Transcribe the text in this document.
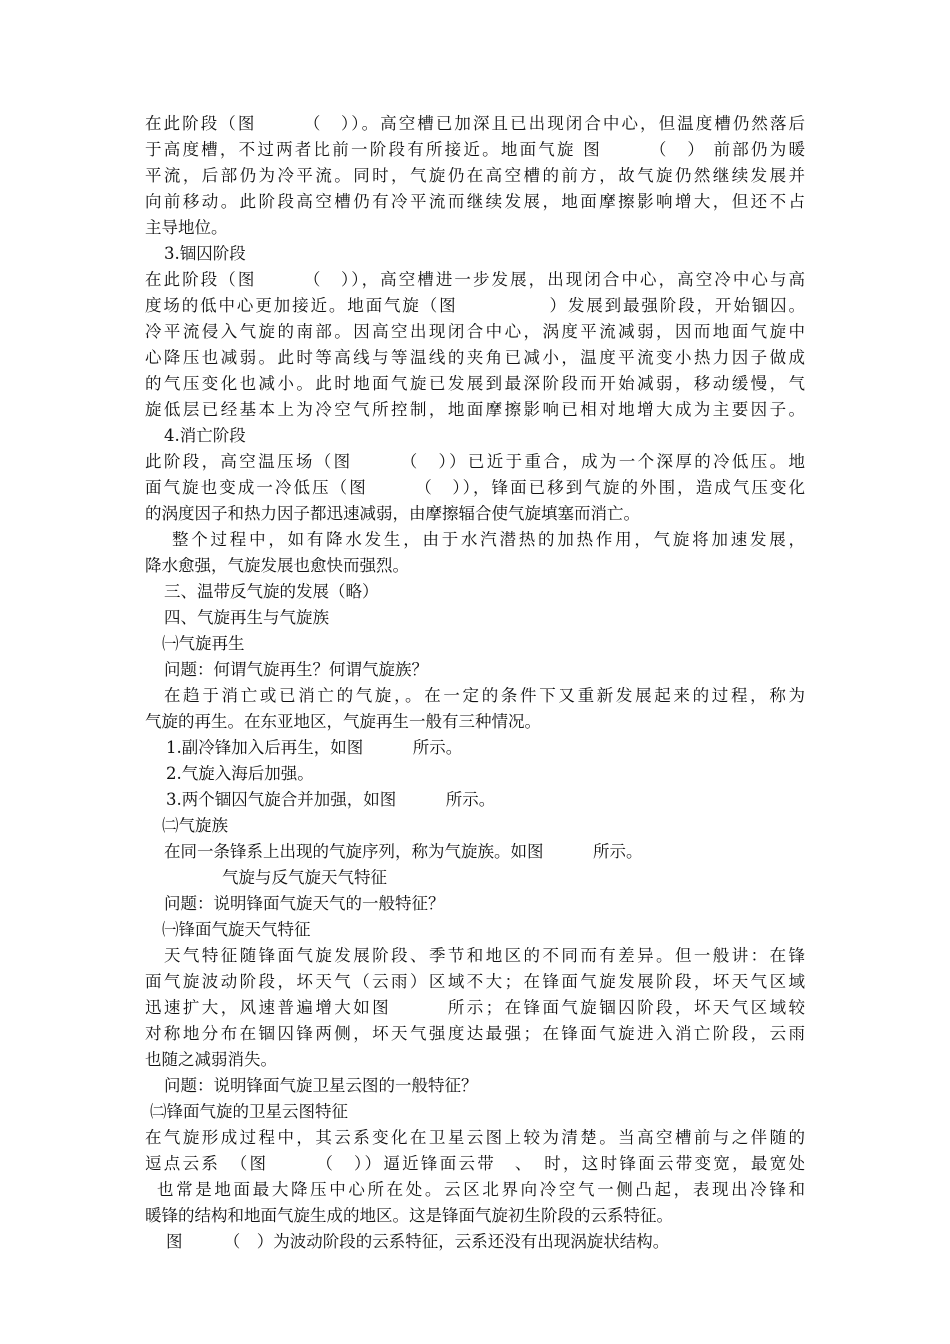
在此阶段（图　　　（　））。高空槽已加深且已出现闭合中心，但温度槽仍然落后
于高度槽，不过两者比前一阶段有所接近。地面气旋 图　　　（　） 前部仍为暖
平流，后部仍为冷平流。同时，气旋仍在高空槽的前方，故气旋仍然继续发展并
向前移动。此阶段高空槽仍有冷平流而继续发展，地面摩擦影响增大，但还不占
主导地位。
3.锢囚阶段
在此阶段（图　　　（　）），高空槽进一步发展，出现闭合中心，高空冷中心与高
度场的低中心更加接近。地面气旋（图　　　　　）发展到最强阶段，开始锢囚。
冷平流侵入气旋的南部。因高空出现闭合中心，涡度平流减弱，因而地面气旋中
心降压也减弱。此时等高线与等温线的夹角已减小，温度平流变小热力因子做成
的气压变化也减小。此时地面气旋已发展到最深阶段而开始减弱，移动缓慢，气
旋低层已经基本上为冷空气所控制，地面摩擦影响已相对地增大成为主要因子。
4.消亡阶段
此阶段，高空温压场（图　　　（　））已近于重合，成为一个深厚的冷低压。地
面气旋也变成一冷低压（图　　　（　）），锋面已移到气旋的外围，造成气压变化
的涡度因子和热力因子都迅速减弱，由摩擦辐合使气旋填塞而消亡。
整个过程中，如有降水发生，由于水汽潜热的加热作用，气旋将加速发展，
降水愈强，气旋发展也愈快而强烈。
三、温带反气旋的发展（略）
四、气旋再生与气旋族
㈠气旋再生
问题：何谓气旋再生？何谓气旋族？
在趋于消亡或已消亡的气旋，。在一定的条件下又重新发展起来的过程，称为
气旋的再生。在东亚地区，气旋再生一般有三种情况。
1.副冷锋加入后再生，如图　　　所示。
2.气旋入海后加强。
3.两个锢囚气旋合并加强，如图　　　所示。
㈡气旋族
在同一条锋系上出现的气旋序列，称为气旋族。如图　　　所示。
气旋与反气旋天气特征
问题：说明锋面气旋天气的一般特征？
㈠锋面气旋天气特征
天气特征随锋面气旋发展阶段、季节和地区的不同而有差异。但一般讲：在锋
面气旋波动阶段，坏天气（云雨）区域不大；在锋面气旋发展阶段，坏天气区域
迅速扩大，风速普遍增大如图　　　所示；在锋面气旋锢囚阶段，坏天气区域较
对称地分布在锢囚锋两侧，坏天气强度达最强；在锋面气旋进入消亡阶段，云雨
也随之减弱消失。
问题：说明锋面气旋卫星云图的一般特征？
㈡锋面气旋的卫星云图特征
在气旋形成过程中，其云系变化在卫星云图上较为清楚。当高空槽前与之伴随的
逗点云系　（图　　　（　））逼近锋面云带　、　时，这时锋面云带变宽，最宽处
也常是地面最大降压中心所在处。云区北界向冷空气一侧凸起，表现出冷锋和
暖锋的结构和地面气旋生成的地区。这是锋面气旋初生阶段的云系特征。
图　　　（　）为波动阶段的云系特征，云系还没有出现涡旋状结构。
